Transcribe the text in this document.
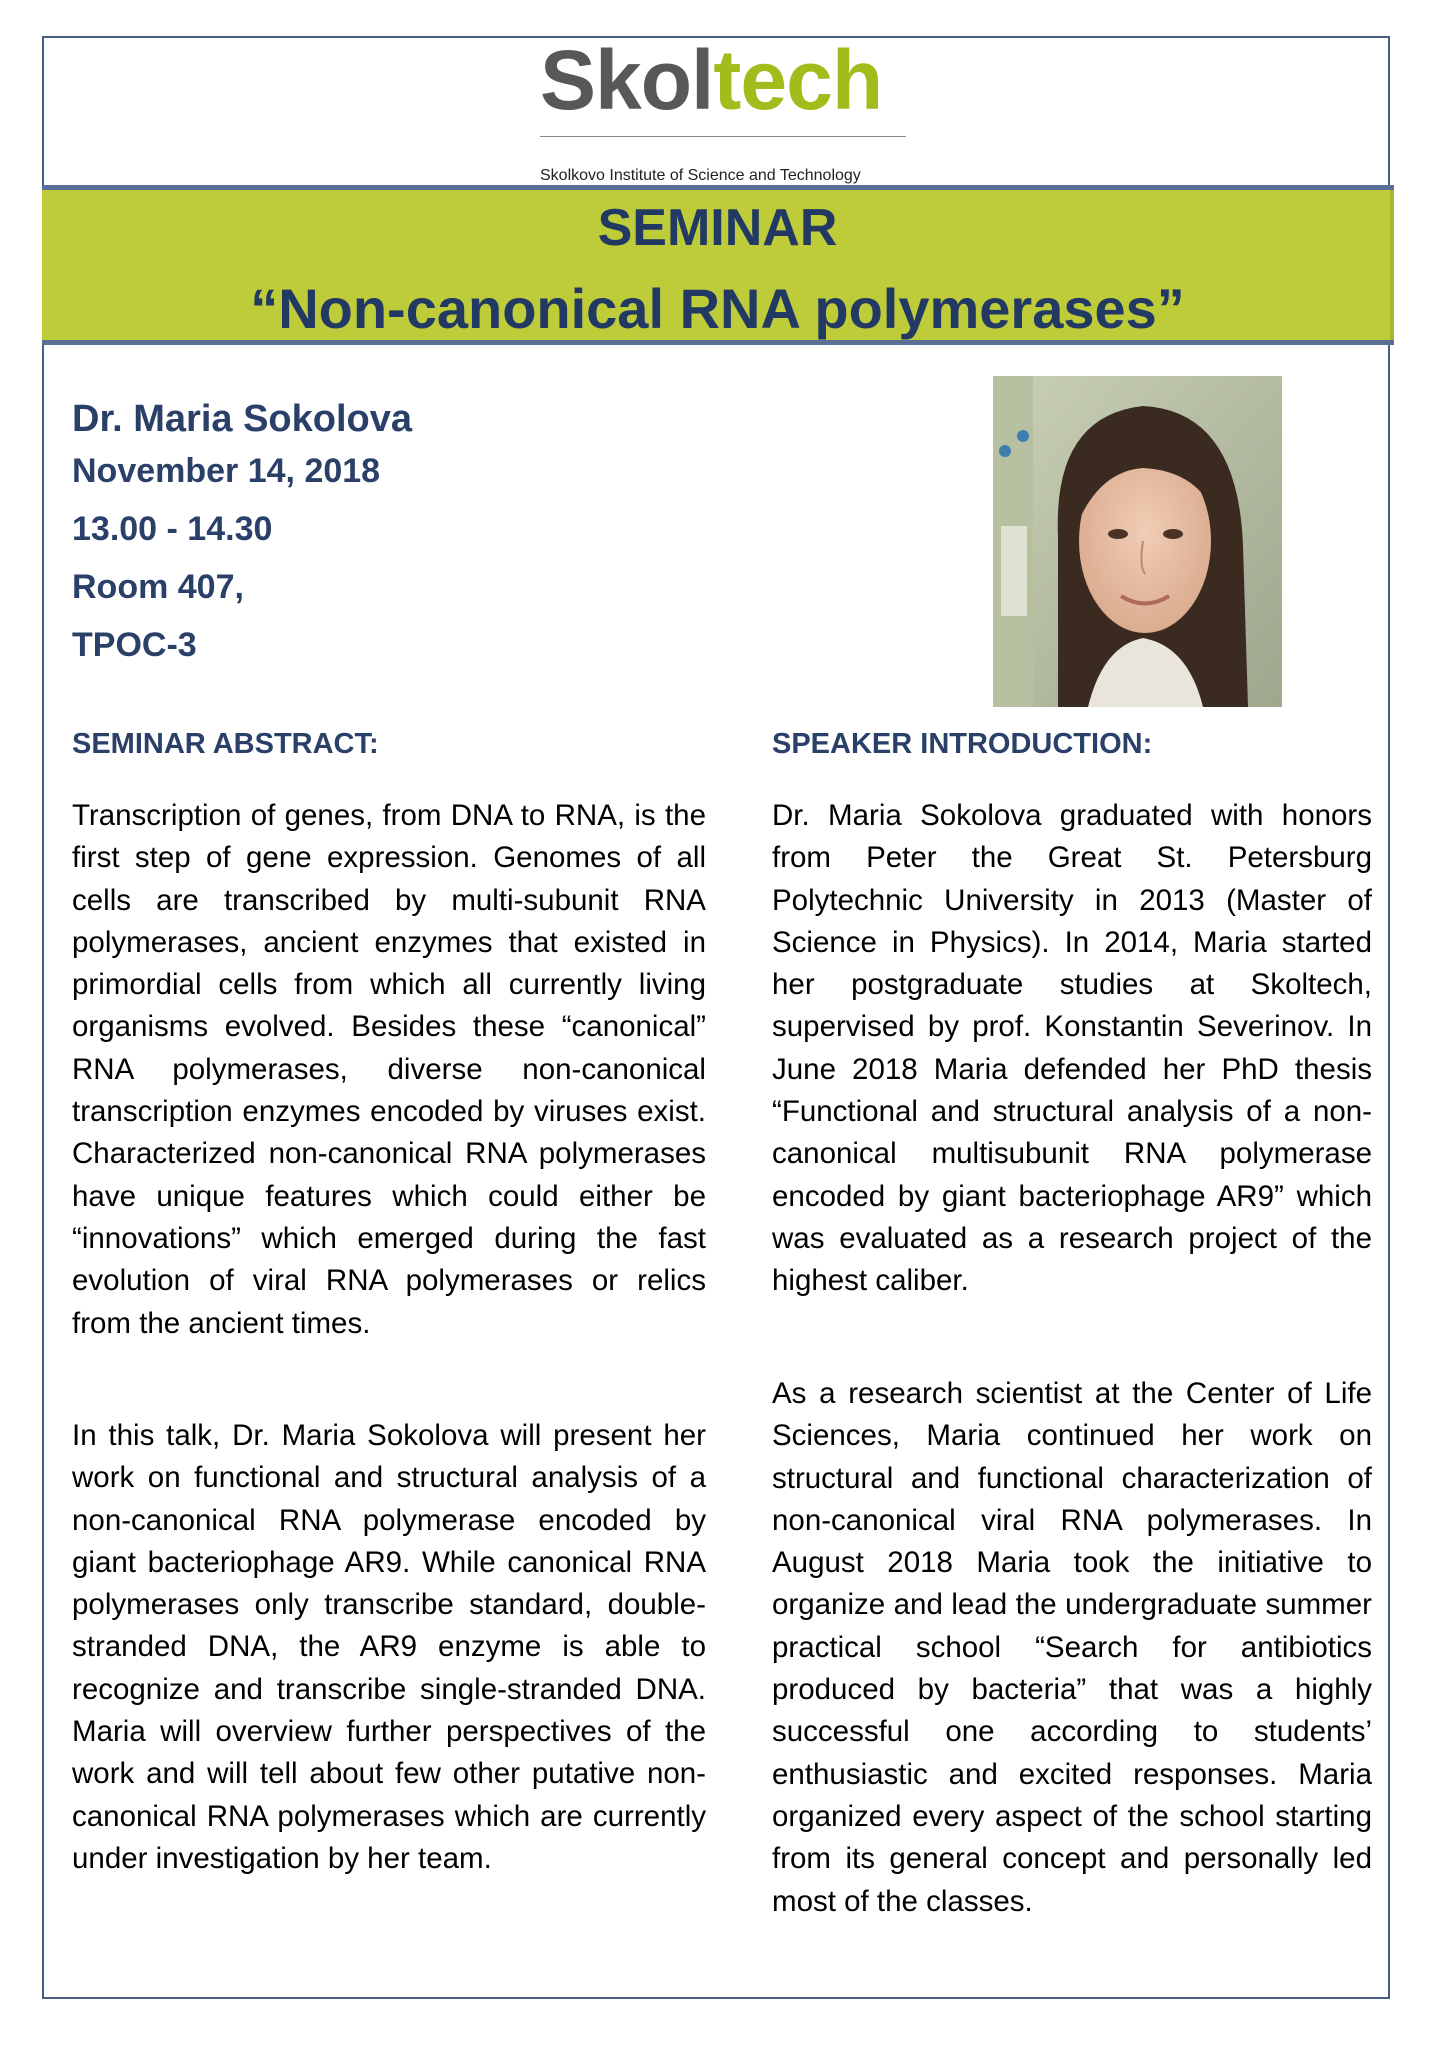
Skoltech
Skolkovo Institute of Science and Technology
SEMINAR
“Non-canonical RNA polymerases”
Dr. Maria Sokolova
November 14, 2018
13.00 - 14.30
Room 407,
TPOC-3
SEMINAR ABSTRACT:	SPEAKER INTRODUCTION:
Transcription of genes, from DNA to RNA, is the first step of gene expression. Genomes of all cells are transcribed by multi-subunit RNA polymerases, ancient enzymes that existed in primordial cells from which all currently living organisms evolved. Besides these “canonical” RNA polymerases, diverse non-canonical transcription enzymes encoded by viruses exist. Characterized non-canonical RNA polymerases have unique features which could either be “innovations” which emerged during the fast evolution of viral RNA polymerases or relics from the ancient times.
In this talk, Dr. Maria Sokolova will present her work on functional and structural analysis of a non-canonical RNA polymerase encoded by giant bacteriophage AR9. While canonical RNA polymerases only transcribe standard, double-stranded DNA, the AR9 enzyme is able to recognize and transcribe single-stranded DNA. Maria will overview further perspectives of the work and will tell about few other putative non-canonical RNA polymerases which are currently under investigation by her team.
Dr. Maria Sokolova graduated with honors from Peter the Great St. Petersburg Polytechnic University in 2013 (Master of Science in Physics). In 2014, Maria started her postgraduate studies at Skoltech, supervised by prof. Konstantin Severinov. In June 2018 Maria defended her PhD thesis “Functional and structural analysis of a non-canonical multisubunit RNA polymerase encoded by giant bacteriophage AR9” which was evaluated as a research project of the highest caliber.
As a research scientist at the Center of Life Sciences, Maria continued her work on structural and functional characterization of non-canonical viral RNA polymerases. In August 2018 Maria took the initiative to organize and lead the undergraduate summer practical school “Search for antibiotics produced by bacteria” that was a highly successful one according to students’ enthusiastic and excited responses. Maria organized every aspect of the school starting from its general concept and personally led most of the classes.
